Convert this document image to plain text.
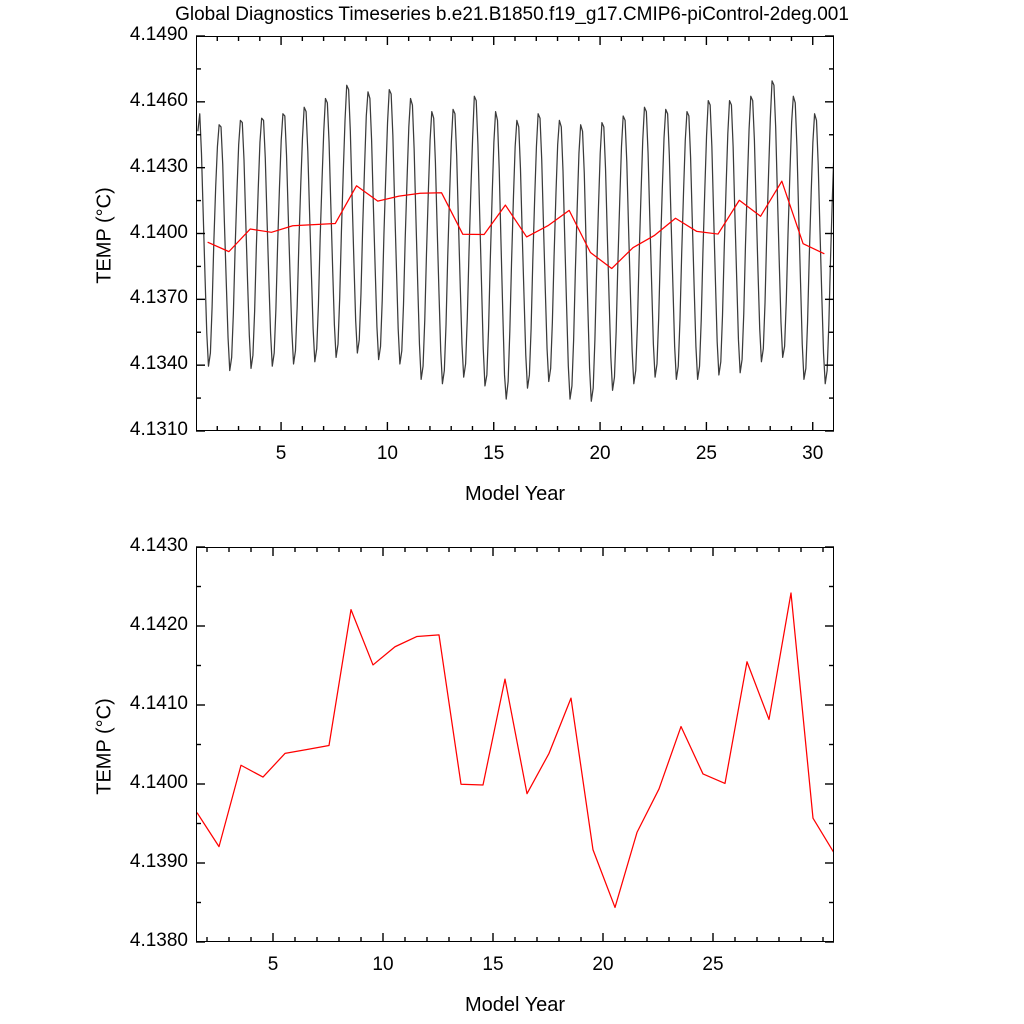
Global Diagnostics Timeseries b.e21.B1850.f19_g17.CMIP6-piControl-2deg.001
TEMP (°C)
Model Year
TEMP (°C)
Model Year
4.1310
4.1340
4.1370
4.1400
4.1430
4.1460
4.1490
5	10	15	20	25	30
4.1380
4.1390
4.1400
4.1410
4.1420
4.1430
5	10	15	20	25
